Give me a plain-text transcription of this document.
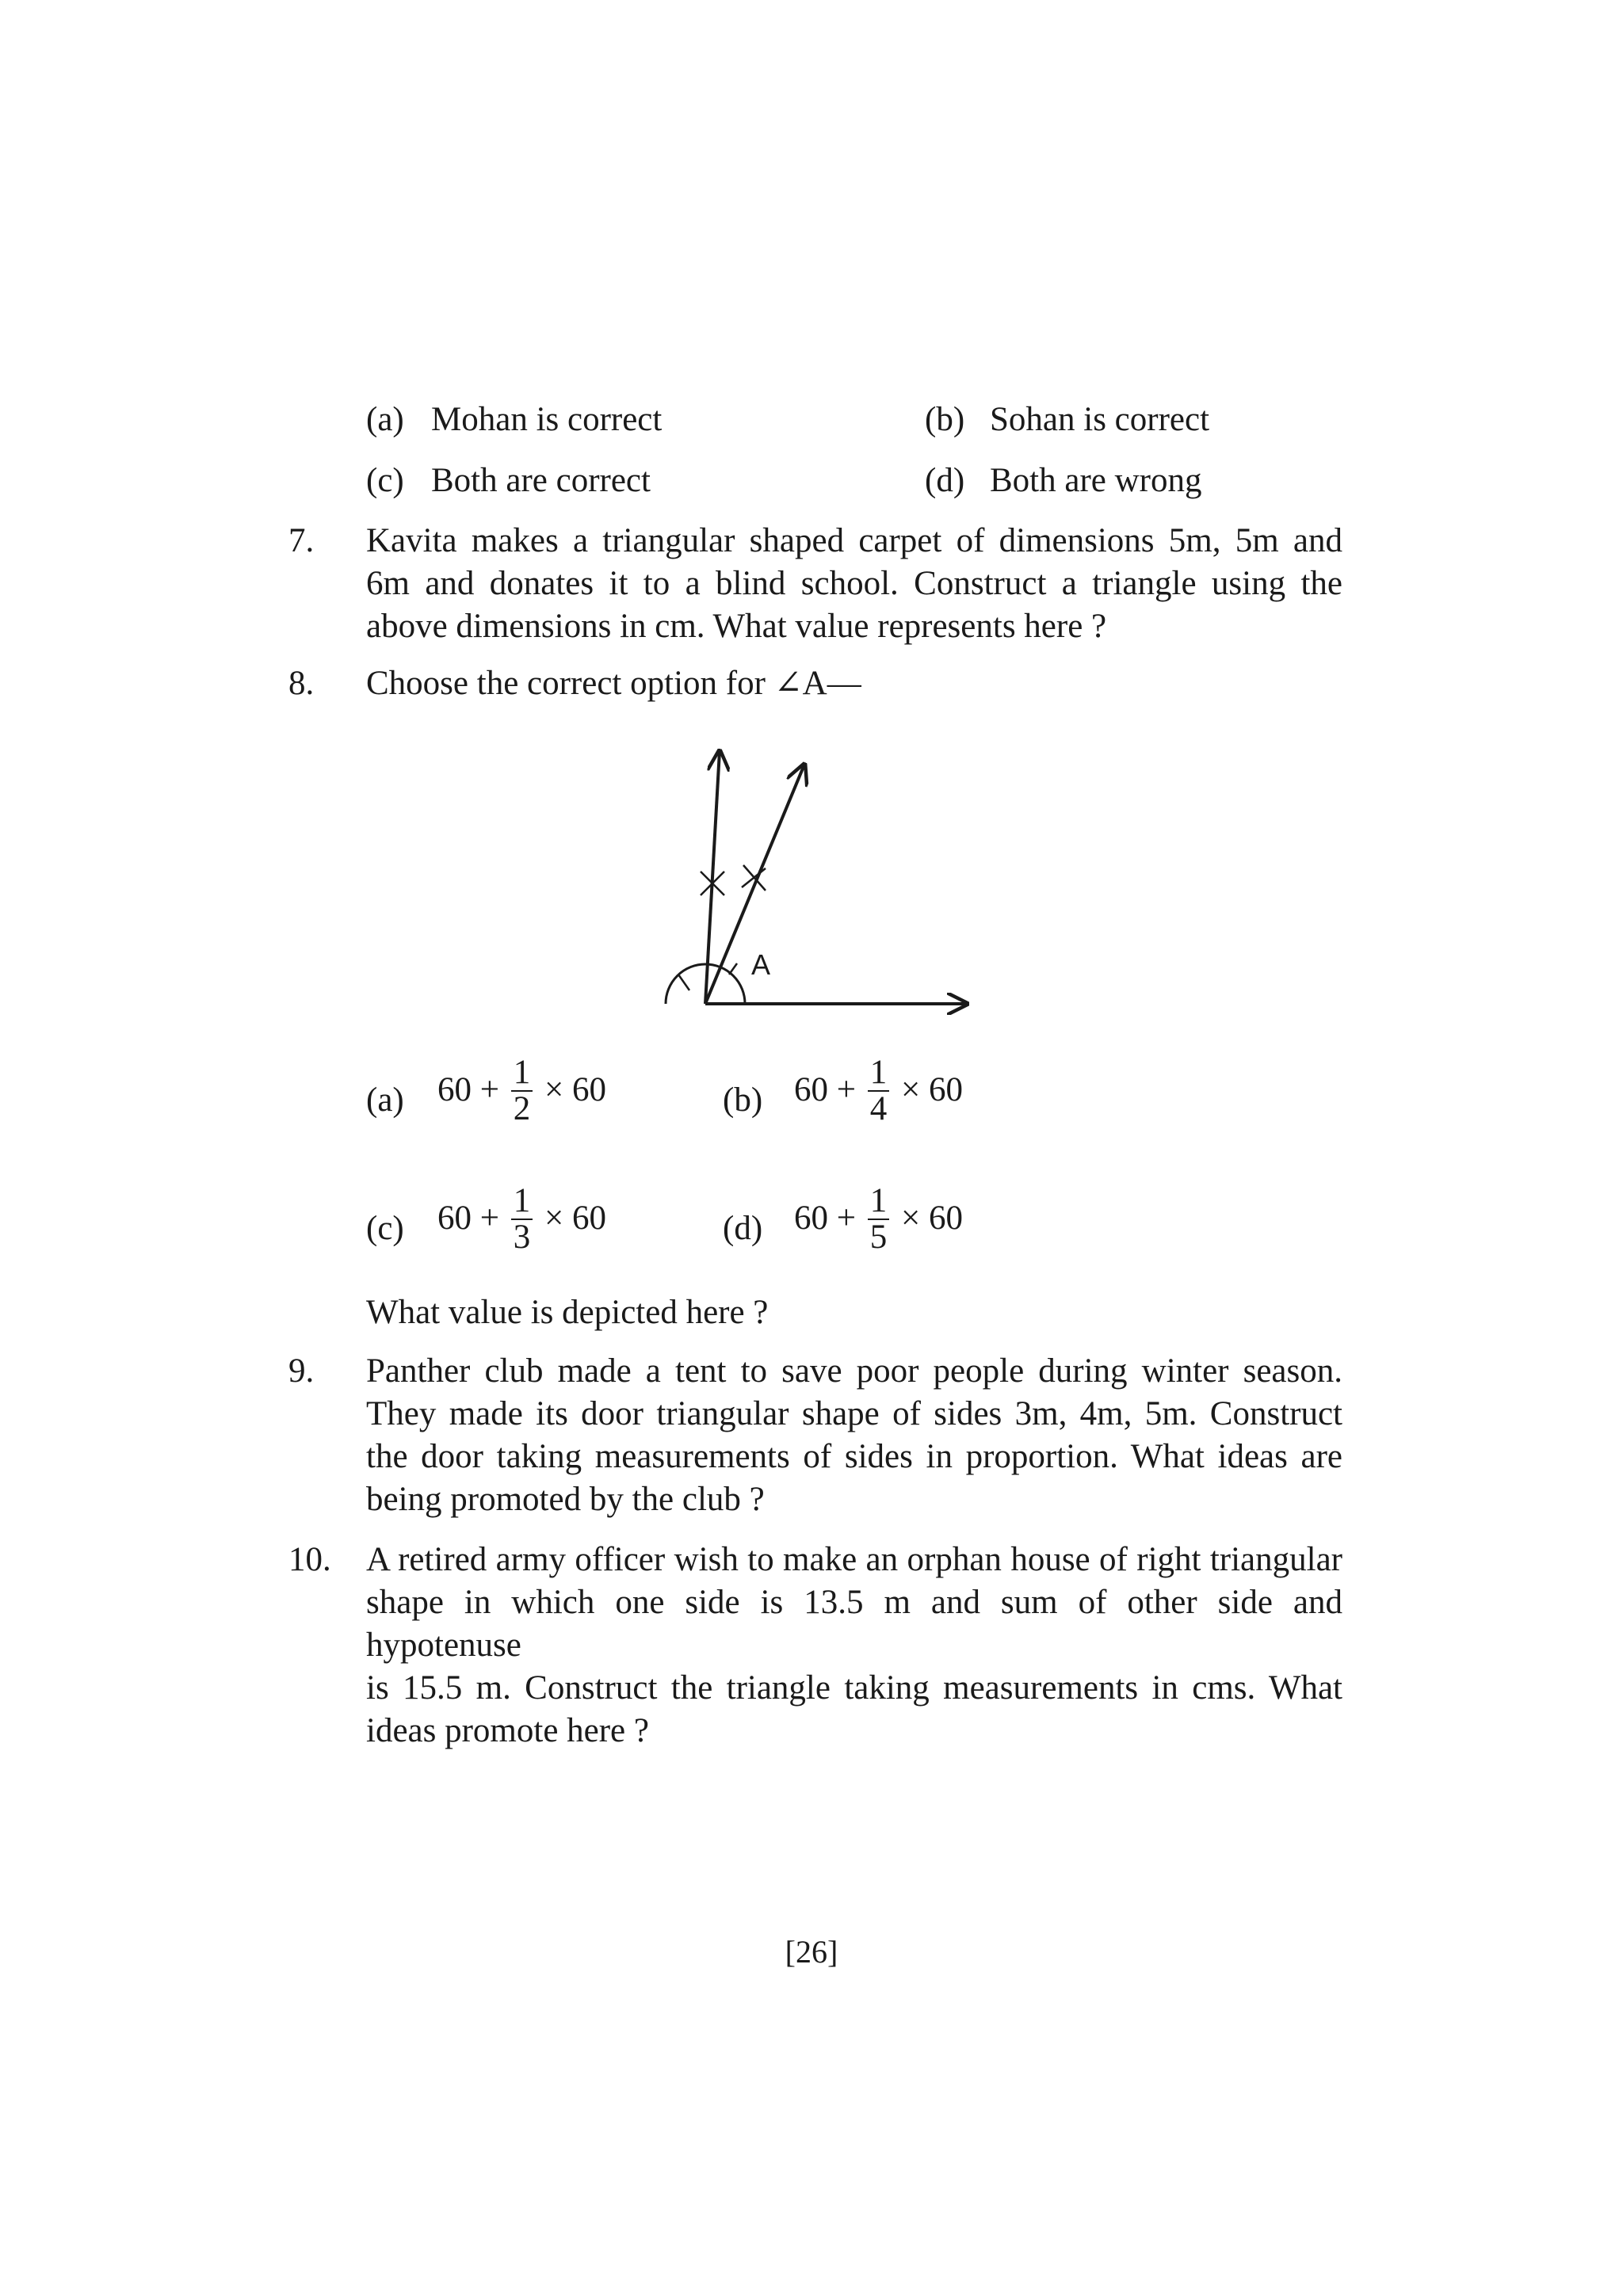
(a) Mohan is correct	(b) Sohan is correct
(c) Both are correct	(d) Both are wrong
7.	Kavita makes a triangular shaped carpet of dimensions 5m, 5m and
6m and donates it to a blind school. Construct a triangle using the
above dimensions in cm. What value represents here ?
8.	Choose the correct option for ∠A—
A
(a) $60 + \frac{1}{2} \times 60$	(b) $60 + \frac{1}{4} \times 60$
(c) $60 + \frac{1}{3} \times 60$	(d) $60 + \frac{1}{5} \times 60$
What value is depicted here ?
9.	Panther club made a tent to save poor people during winter season.
They made its door triangular shape of sides 3m, 4m, 5m. Construct
the door taking measurements of sides in proportion. What ideas are
being promoted by the club ?
10.	A retired army officer wish to make an orphan house of right triangular
shape in which one side is 13.5 m and sum of other side and hypotenuse
is 15.5 m. Construct the triangle taking measurements in cms. What
ideas promote here ?
[26]
